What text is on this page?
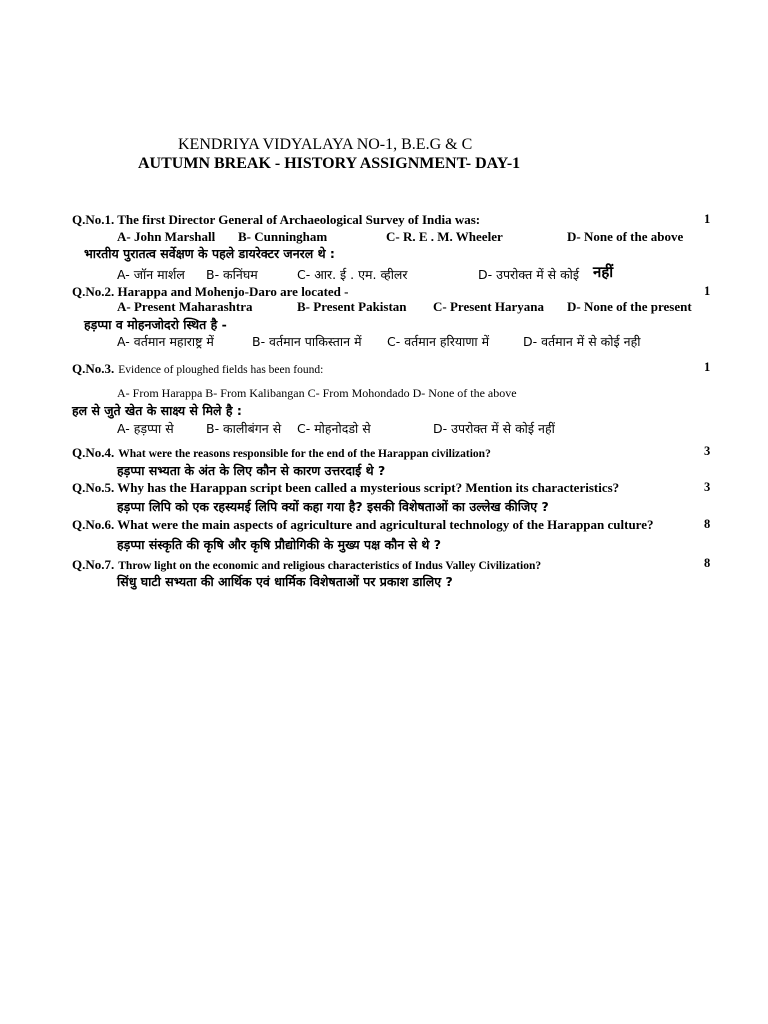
KENDRIYA VIDYALAYA NO-1, B.E.G & C
AUTUMN BREAK - HISTORY ASSIGNMENT- DAY-1
Q.No.1. The first Director General of Archaeological Survey of India was:	1
A- John Marshall B- Cunningham	C- R. E . M. Wheeler	D- None of the above
भारतीय पुरातत्व सर्वेक्षण के पहले डायरेक्टर जनरल थे :
A- जॉन मार्शल B- कनिंघम	C- आर. ई . एम. व्हीलर	D- उपरोक्त में से कोई नहीं
Q.No.2. Harappa and Mohenjo-Daro are located -	1
A- Present Maharashtra	B- Present Pakistan C- Present Haryana D- None of the present
हड़प्पा व मोहनजोदरो स्थित है -
A- वर्तमान महाराष्ट्र में	B- वर्तमान पाकिस्तान में C- वर्तमान हरियाणा में	D- वर्तमान में से कोई नही
Q.No.3. Evidence of ploughed fields has been found:	1
A- From Harappa B- From Kalibangan C- From Mohondado D- None of the above
हल से जुते खेत के साक्ष्य से मिले है :
A- हड़प्पा से	B- कालीबंगन से C- मोहनोदडो से	D- उपरोक्त में से कोई नहीं
Q.No.4. What were the reasons responsible for the end of the Harappan civilization?	3
हड़प्पा सभ्यता के अंत के लिए कौन से कारण उत्तरदाई थे ?
Q.No.5. Why has the Harappan script been called a mysterious script? Mention its characteristics?	3
हड़प्पा लिपि को एक रहस्यमई लिपि क्यों कहा गया है? इसकी विशेषताओं का उल्लेख कीजिए ?
Q.No.6. What were the main aspects of agriculture and agricultural technology of the Harappan culture?	8
हड़प्पा संस्कृति की कृषि और कृषि प्रौद्योगिकी के मुख्य पक्ष कौन से थे ?
Q.No.7. Throw light on the economic and religious characteristics of Indus Valley Civilization?	8
सिंधु घाटी सभ्यता की आर्थिक एवं धार्मिक विशेषताओं पर प्रकाश डालिए ?
